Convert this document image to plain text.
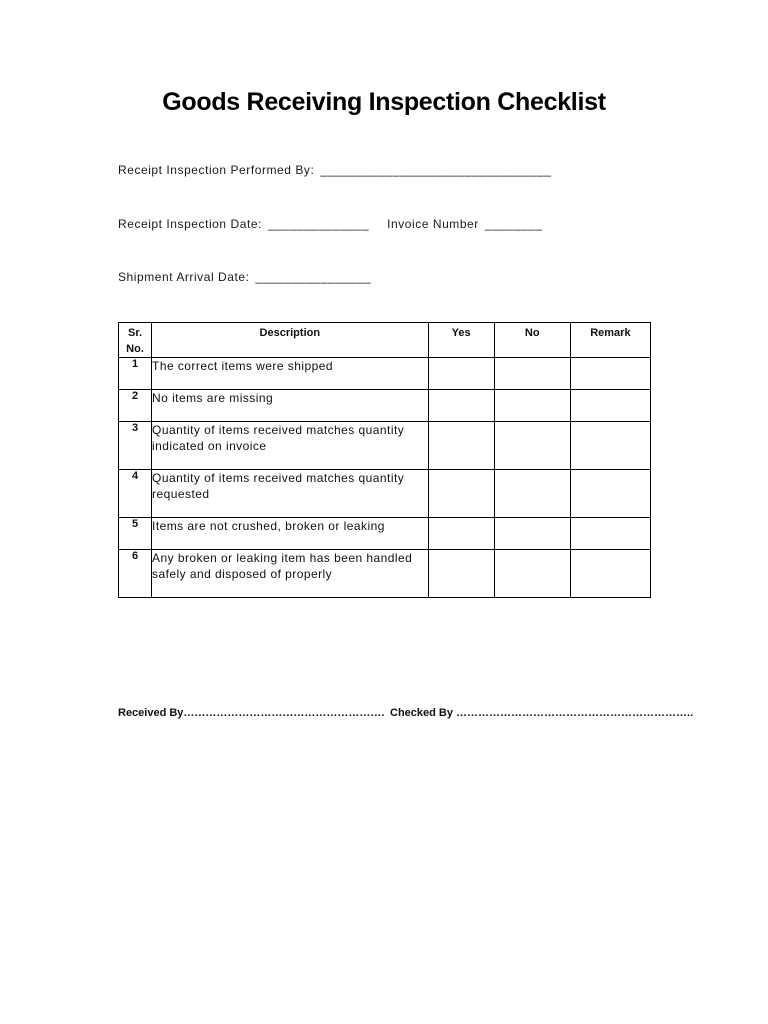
Goods Receiving Inspection Checklist
Receipt Inspection Performed By: ________________________________
Receipt Inspection Date: ______________ Invoice Number ________
Shipment Arrival Date: ________________
Sr.
No.	Description	Yes	No	Remark
1	The correct items were shipped			
2	No items are missing			
3	Quantity of items received matches quantity indicated on invoice			
4	Quantity of items received matches quantity requested			
5	Items are not crushed, broken or leaking			
6	Any broken or leaking item has been handled safely and disposed of properly			
Received By………………………………………………. Checked By ………………………………………………………..
